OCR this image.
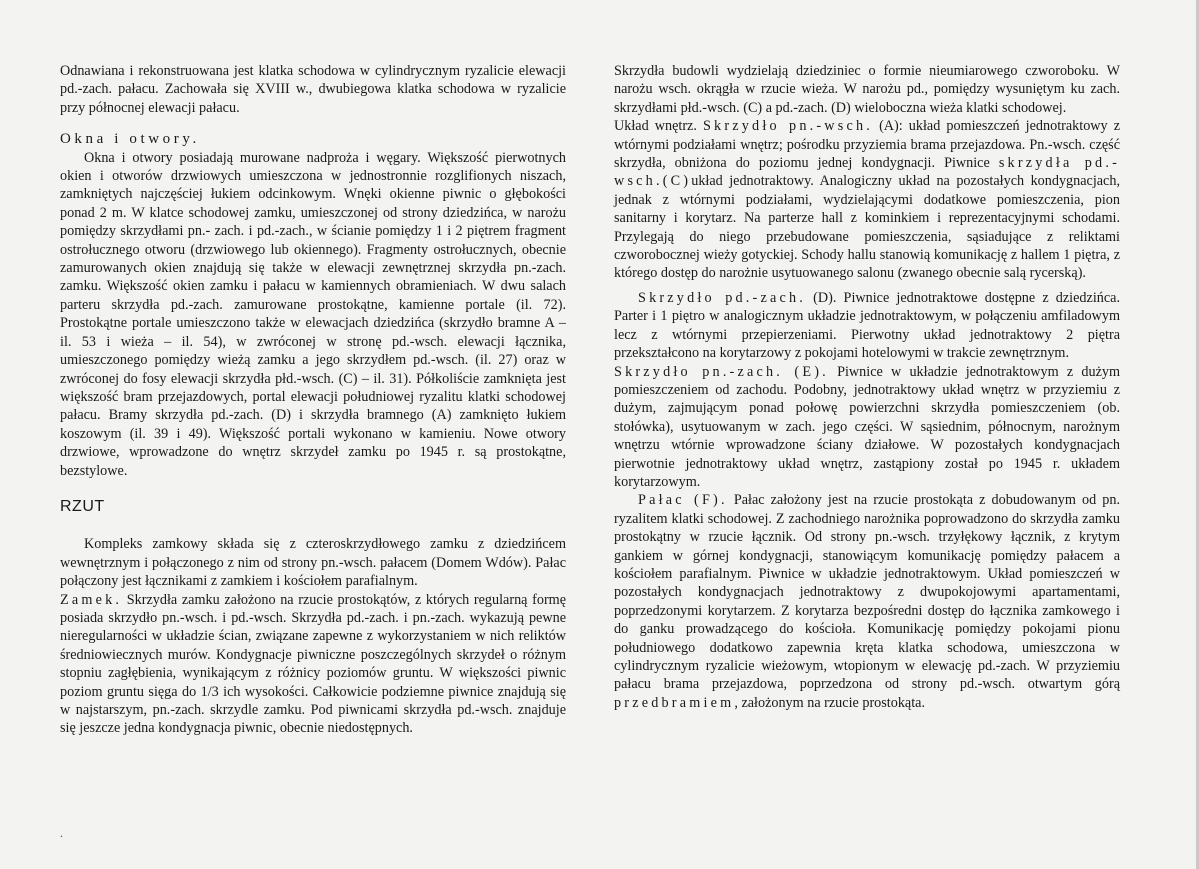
Odnawiana i rekonstruowana jest klatka schodowa w cylindrycznym ryzalicie elewacji pd.-zach. pałacu. Zachowała się XVIII w., dwubiegowa klatka schodowa w ryzalicie przy północnej elewacji pałacu.

Okna i otwory.

Okna i otwory posiadają murowane nadproża i węgary. Większość pierwotnych okien i otworów drzwiowych umieszczona w jednostronnie rozglifionych niszach, zamkniętych najczęściej łukiem odcinkowym. Wnęki okienne piwnic o głębokości ponad 2 m. W klatce schodowej zamku, umieszczonej od strony dziedzińca, w narożu pomiędzy skrzydłami pn.- zach. i pd.-zach., w ścianie pomiędzy 1 i 2 piętrem fragment ostrołucznego otworu (drzwiowego lub okiennego). Fragmenty ostrołucznych, obecnie zamurowanych okien znajdują się także w elewacji zewnętrznej skrzydła pn.-zach. zamku. Większość okien zamku i pałacu w kamiennych obramieniach. W dwu salach parteru skrzydła pd.-zach. zamurowane prostokątne, kamienne portale (il. 72). Prostokątne portale umieszczono także w elewacjach dziedzińca (skrzydło bramne A – il. 53 i wieża – il. 54), w zwróconej w stronę pd.-wsch. elewacji łącznika, umieszczonego pomiędzy wieżą zamku a jego skrzydłem pd.-wsch. (il. 27) oraz w zwróconej do fosy elewacji skrzydła płd.-wsch. (C) – il. 31). Półkoliście zamknięta jest większość bram przejazdowych, portal elewacji południowej ryzalitu klatki schodowej pałacu. Bramy skrzydła pd.-zach. (D) i skrzydła bramnego (A) zamknięto łukiem koszowym (il. 39 i 49). Większość portali wykonano w kamieniu. Nowe otwory drzwiowe, wprowadzone do wnętrz skrzydeł zamku po 1945 r. są prostokątne, bezstylowe.

RZUT

Kompleks zamkowy składa się z czteroskrzydłowego zamku z dziedzińcem wewnętrznym i połączonego z nim od strony pn.-wsch. pałacem (Domem Wdów). Pałac połączony jest łącznikami z zamkiem i kościołem parafialnym.

Zamek. Skrzydła zamku założono na rzucie prostokątów, z których regularną formę posiada skrzydło pn.-wsch. i pd.-wsch. Skrzydła pd.-zach. i pn.-zach. wykazują pewne nieregularności w układzie ścian, związane zapewne z wykorzystaniem w nich reliktów średniowiecznych murów. Kondygnacje piwniczne poszczególnych skrzydeł o różnym stopniu zagłębienia, wynikającym z różnicy poziomów gruntu. W większości piwnic poziom gruntu sięga do 1/3 ich wysokości. Całkowicie podziemne piwnice znajdują się w najstarszym, pn.-zach. skrzydle zamku. Pod piwnicami skrzydła pd.-wsch. znajduje się jeszcze jedna kondygnacja piwnic, obecnie niedostępnych.

.

Skrzydła budowli wydzielają dziedziniec o formie nieumiarowego czworoboku. W narożu wsch. okrągła w rzucie wieża. W narożu pd., pomiędzy wysuniętym ku zach. skrzydłami płd.-wsch. (C) a pd.-zach. (D) wieloboczna wieża klatki schodowej.

Układ wnętrz. Skrzydło pn.-wsch. (A): układ pomieszczeń jednotraktowy z wtórnymi podziałami wnętrz; pośrodku przyziemia brama przejazdowa. Pn.-wsch. część skrzydła, obniżona do poziomu jednej kondygnacji. Piwnice skrzydła pd.-wsch.(C)układ jednotraktowy. Analogiczny układ na pozostałych kondygnacjach, jednak z wtórnymi podziałami, wydzielającymi dodatkowe pomieszczenia, pion sanitarny i korytarz. Na parterze hall z kominkiem i reprezentacyjnymi schodami. Przylegają do niego przebudowane pomieszczenia, sąsiadujące z reliktami czworobocznej wieży gotyckiej. Schody hallu stanowią komunikację z hallem 1 piętra, z którego dostęp do narożnie usytuowanego salonu (zwanego obecnie salą rycerską).

Skrzydło pd.-zach. (D). Piwnice jednotraktowe dostępne z dziedzińca. Parter i 1 piętro w analogicznym układzie jednotraktowym, w połączeniu amfiladowym lecz z wtórnymi przepierzeniami. Pierwotny układ jednotraktowy 2 piętra przekształcono na korytarzowy z pokojami hotelowymi w trakcie zewnętrznym.

Skrzydło pn.-zach. (E). Piwnice w układzie jednotraktowym z dużym pomieszczeniem od zachodu. Podobny, jednotraktowy układ wnętrz w przyziemiu z dużym, zajmującym ponad połowę powierzchni skrzydła pomieszczeniem (ob. stołówka), usytuowanym w zach. jego części. W sąsiednim, północnym, narożnym wnętrzu wtórnie wprowadzone ściany działowe. W pozostałych kondygnacjach pierwotnie jednotraktowy układ wnętrz, zastąpiony został po 1945 r. układem korytarzowym.

Pałac (F). Pałac założony jest na rzucie prostokąta z dobudowanym od pn. ryzalitem klatki schodowej. Z zachodniego narożnika poprowadzono do skrzydła zamku prostokątny w rzucie łącznik. Od strony pn.-wsch. trzyłękowy łącznik, z krytym gankiem w górnej kondygnacji, stanowiącym komunikację pomiędzy pałacem a kościołem parafialnym. Piwnice w układzie jednotraktowym. Układ pomieszczeń w pozostałych kondygnacjach jednotraktowy z dwupokojowymi apartamentami, poprzedzonymi korytarzem. Z korytarza bezpośredni dostęp do łącznika zamkowego i do ganku prowadzącego do kościoła. Komunikację pomiędzy pokojami pionu południowego dodatkowo zapewnia kręta klatka schodowa, umieszczona w cylindrycznym ryzalicie wieżowym, wtopionym w elewację pd.-zach. W przyziemiu pałacu brama przejazdowa, poprzedzona od strony pd.-wsch. otwartym górą przedbramiem, założonym na rzucie prostokąta.
